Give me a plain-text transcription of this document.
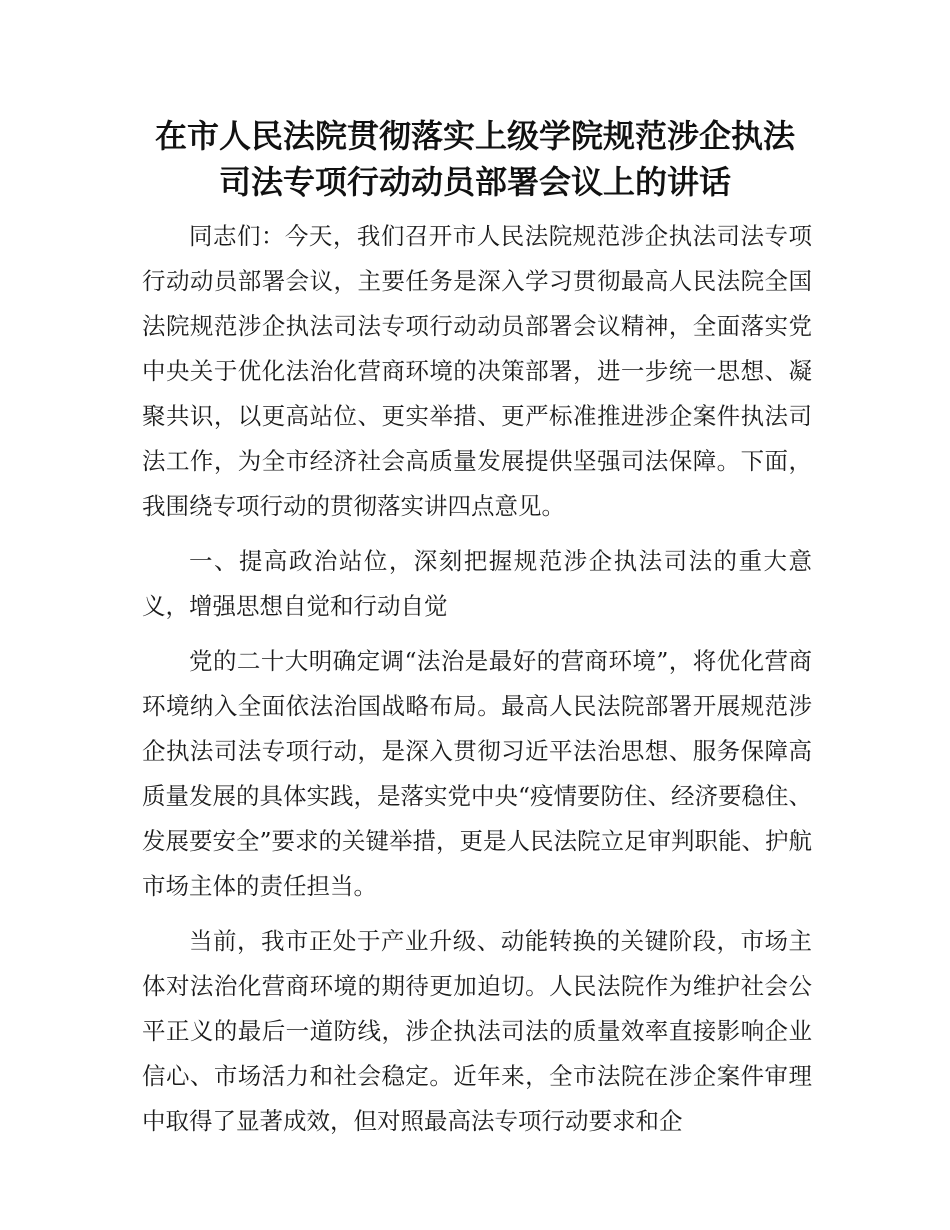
在市人民法院贯彻落实上级学院规范涉企执法
司法专项行动动员部署会议上的讲话

同志们：今天，我们召开市人民法院规范涉企执法司法专项行动动员部署会议，主要任务是深入学习贯彻最高人民法院全国法院规范涉企执法司法专项行动动员部署会议精神，全面落实党中央关于优化法治化营商环境的决策部署，进一步统一思想、凝聚共识，以更高站位、更实举措、更严标准推进涉企案件执法司法工作，为全市经济社会高质量发展提供坚强司法保障。下面，我围绕专项行动的贯彻落实讲四点意见。

一、提高政治站位，深刻把握规范涉企执法司法的重大意义，增强思想自觉和行动自觉

党的二十大明确定调“法治是最好的营商环境”，将优化营商环境纳入全面依法治国战略布局。最高人民法院部署开展规范涉企执法司法专项行动，是深入贯彻习近平法治思想、服务保障高质量发展的具体实践，是落实党中央“疫情要防住、经济要稳住、发展要安全”要求的关键举措，更是人民法院立足审判职能、护航市场主体的责任担当。

当前，我市正处于产业升级、动能转换的关键阶段，市场主体对法治化营商环境的期待更加迫切。人民法院作为维护社会公平正义的最后一道防线，涉企执法司法的质量效率直接影响企业信心、市场活力和社会稳定。近年来，全市法院在涉企案件审理中取得了显著成效，但对照最高法专项行动要求和企
